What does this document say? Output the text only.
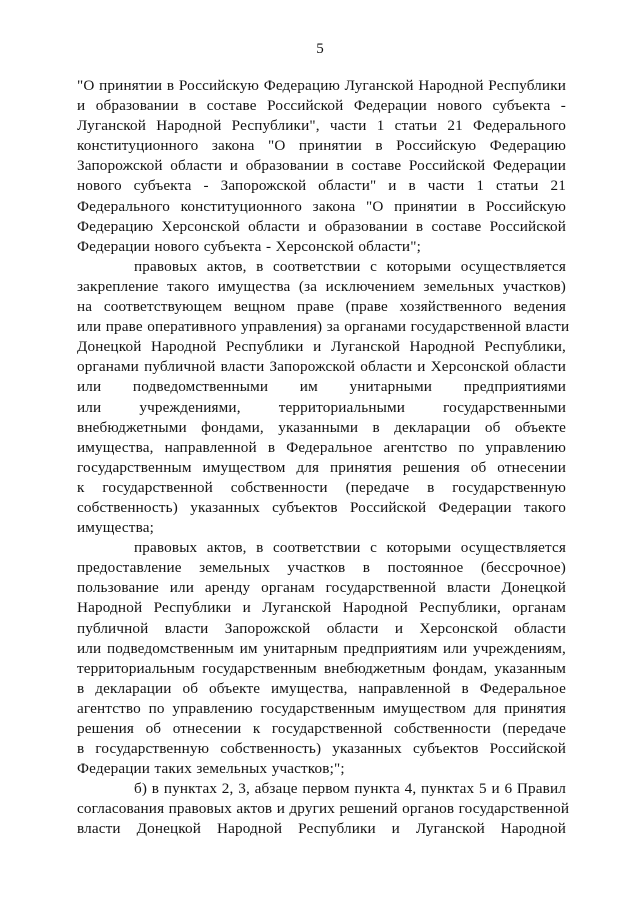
5
"О принятии в Российскую Федерацию Луганской Народной Республики
и образовании в составе Российской Федерации нового субъекта -
Луганской Народной Республики", части 1 статьи 21 Федерального
конституционного закона "О принятии в Российскую Федерацию
Запорожской области и образовании в составе Российской Федерации
нового субъекта - Запорожской области" и в части 1 статьи 21
Федерального конституционного закона "О принятии в Российскую
Федерацию Херсонской области и образовании в составе Российской
Федерации нового субъекта - Херсонской области";
правовых актов, в соответствии с которыми осуществляется
закрепление такого имущества (за исключением земельных участков)
на соответствующем вещном праве (праве хозяйственного ведения
или праве оперативного управления) за органами государственной власти
Донецкой Народной Республики и Луганской Народной Республики,
органами публичной власти Запорожской области и Херсонской области
или подведомственными им унитарными предприятиями
или учреждениями, территориальными государственными
внебюджетными фондами, указанными в декларации об объекте
имущества, направленной в Федеральное агентство по управлению
государственным имуществом для принятия решения об отнесении
к государственной собственности (передаче в государственную
собственность) указанных субъектов Российской Федерации такого
имущества;
правовых актов, в соответствии с которыми осуществляется
предоставление земельных участков в постоянное (бессрочное)
пользование или аренду органам государственной власти Донецкой
Народной Республики и Луганской Народной Республики, органам
публичной власти Запорожской области и Херсонской области
или подведомственным им унитарным предприятиям или учреждениям,
территориальным государственным внебюджетным фондам, указанным
в декларации об объекте имущества, направленной в Федеральное
агентство по управлению государственным имуществом для принятия
решения об отнесении к государственной собственности (передаче
в государственную собственность) указанных субъектов Российской
Федерации таких земельных участков;";
б) в пунктах 2, 3, абзаце первом пункта 4, пунктах 5 и 6 Правил
согласования правовых актов и других решений органов государственной
власти Донецкой Народной Республики и Луганской Народной
